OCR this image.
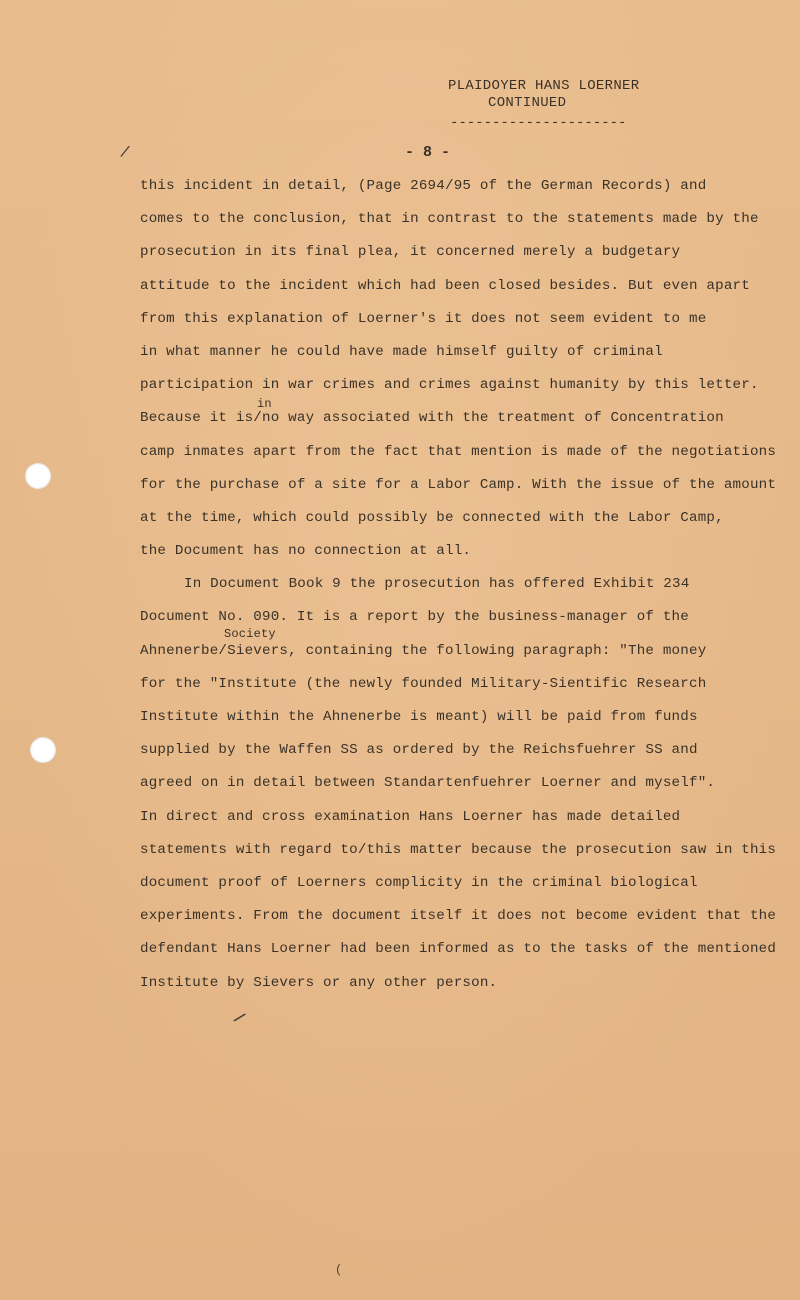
PLAIDOYER HANS LOERNER
CONTINUED
---------------------
- 8 -
/
this incident in detail, (Page 2694/95 of the German Records) and
comes to the conclusion, that in contrast to the statements made by the
prosecution in its final plea, it concerned merely a budgetary
attitude to the incident which had been closed besides. But even apart
from this explanation of Loerner's it does not seem evident to me
in what manner he could have made himself guilty of criminal
participation in war crimes and crimes against humanity by this letter.
in
Because it is/no way associated with the treatment of Concentration
camp inmates apart from the fact that mention is made of the negotiations
for the purchase of a site for a Labor Camp. With the issue of the amount
at the time, which could possibly be connected with the Labor Camp,
the Document has no connection at all.
In Document Book 9 the prosecution has offered Exhibit 234
Document No. 090. It is a report by the business-manager of the
Society
Ahnenerbe/Sievers, containing the following paragraph: "The money
for the "Institute (the newly founded Military-Sientific Research
Institute within the Ahnenerbe is meant) will be paid from funds
supplied by the Waffen SS as ordered by the Reichsfuehrer SS and
agreed on in detail between Standartenfuehrer Loerner and myself".
In direct and cross examination Hans Loerner has made detailed
statements with regard to/this matter because the prosecution saw in this
document proof of Loerners complicity in the criminal biological
experiments. From the document itself it does not become evident that the
defendant Hans Loerner had been informed as to the tasks of the mentioned
Institute by Sievers or any other person.
/
(
